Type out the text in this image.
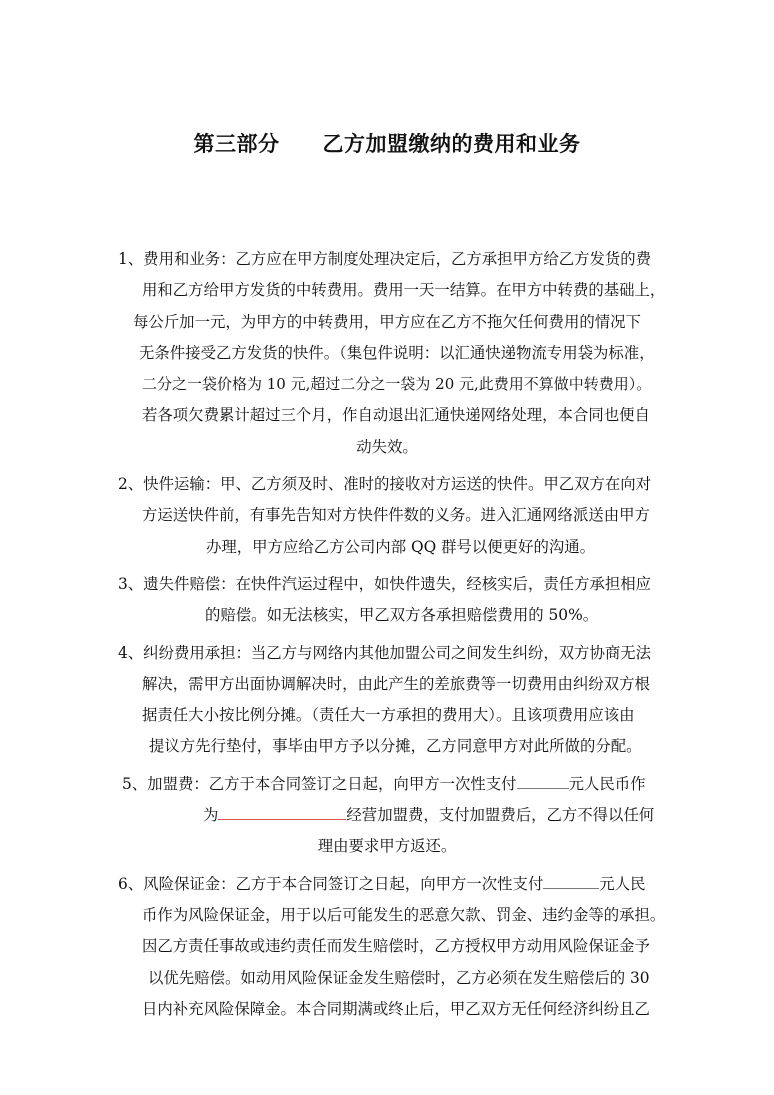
第三部分　　乙方加盟缴纳的费用和业务
1、费用和业务：乙方应在甲方制度处理决定后，乙方承担甲方给乙方发货的费
用和乙方给甲方发货的中转费用。费用一天一结算。在甲方中转费的基础上，
每公斤加一元，为甲方的中转费用，甲方应在乙方不拖欠任何费用的情况下
无条件接受乙方发货的快件。（集包件说明：以汇通快递物流专用袋为标准，
二分之一袋价格为 10 元,超过二分之一袋为 20 元,此费用不算做中转费用）。
若各项欠费累计超过三个月，作自动退出汇通快递网络处理，本合同也便自
动失效。
2、快件运输：甲、乙方须及时、准时的接收对方运送的快件。甲乙双方在向对
方运送快件前，有事先告知对方快件件数的义务。进入汇通网络派送由甲方
办理，甲方应给乙方公司内部 QQ 群号以便更好的沟通。
3、遗失件赔偿：在快件汽运过程中，如快件遗失，经核实后，责任方承担相应
的赔偿。如无法核实，甲乙双方各承担赔偿费用的 50%。
4、纠纷费用承担：当乙方与网络内其他加盟公司之间发生纠纷，双方协商无法
解决，需甲方出面协调解决时，由此产生的差旅费等一切费用由纠纷双方根
据责任大小按比例分摊。（责任大一方承担的费用大）。且该项费用应该由
提议方先行垫付，事毕由甲方予以分摊，乙方同意甲方对此所做的分配。
5、加盟费：乙方于本合同签订之日起，向甲方一次性支付	元人民币作
为	经营加盟费，支付加盟费后，乙方不得以任何
理由要求甲方返还。
6、风险保证金：乙方于本合同签订之日起，向甲方一次性支付	元人民
币作为风险保证金，用于以后可能发生的恶意欠款、罚金、违约金等的承担。
因乙方责任事故或违约责任而发生赔偿时，乙方授权甲方动用风险保证金予
以优先赔偿。如动用风险保证金发生赔偿时，乙方必须在发生赔偿后的 30
日内补充风险保障金。本合同期满或终止后，甲乙双方无任何经济纠纷且乙
